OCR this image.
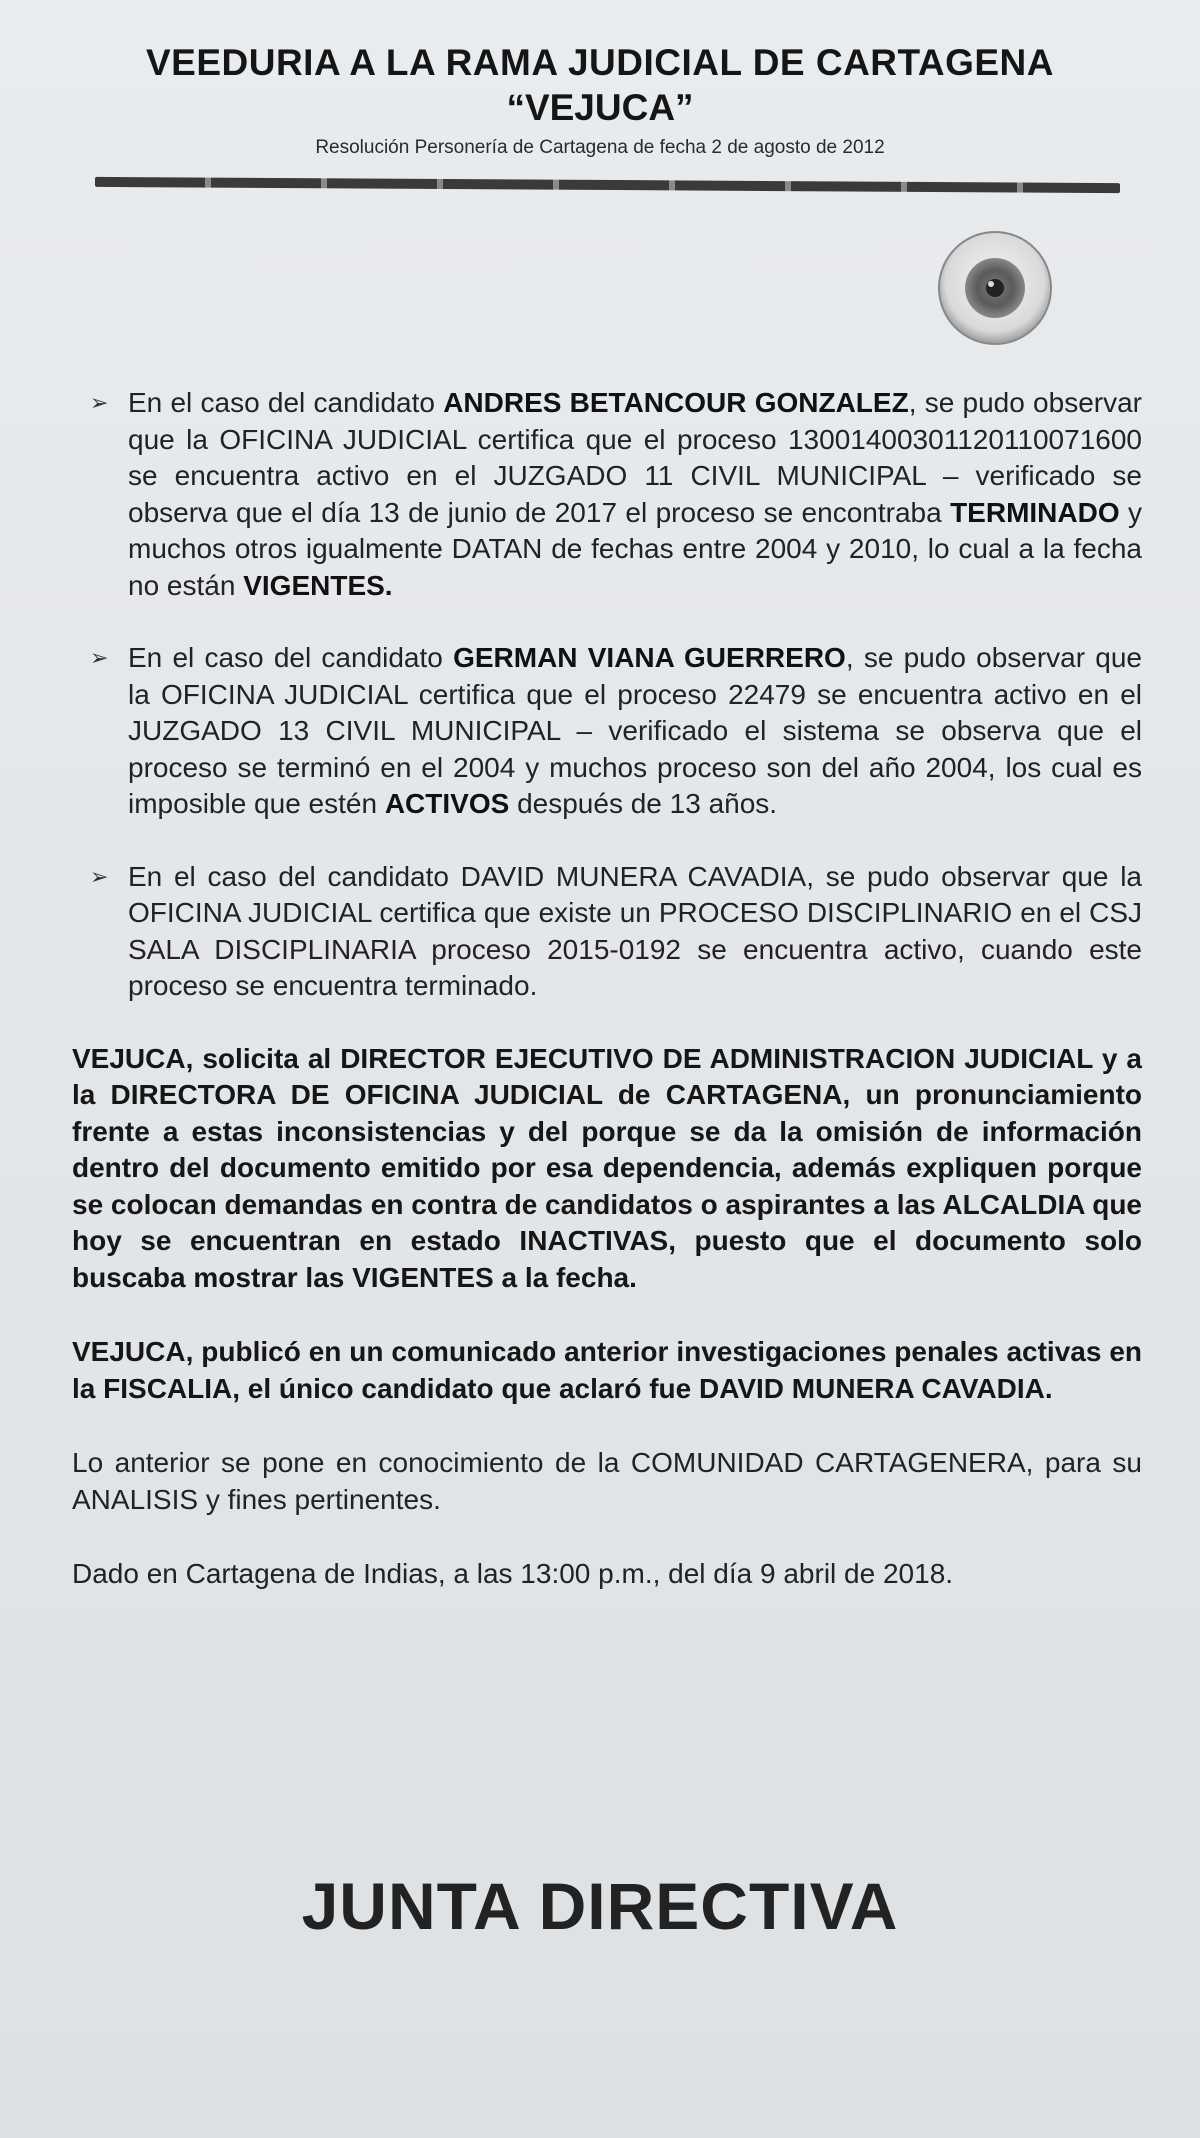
VEEDURIA A LA RAMA JUDICIAL DE CARTAGENA

“VEJUCA”

Resolución Personería de Cartagena de fecha 2 de agosto de 2012
➢ En el caso del candidato ANDRES BETANCOUR GONZALEZ, se pudo observar que la OFICINA JUDICIAL certifica que el proceso 13001400301120110071600 se encuentra activo en el JUZGADO 11 CIVIL MUNICIPAL – verificado se observa que el día 13 de junio de 2017 el proceso se encontraba TERMINADO y muchos otros igualmente DATAN de fechas entre 2004 y 2010, lo cual a la fecha no están VIGENTES.
➢ En el caso del candidato GERMAN VIANA GUERRERO, se pudo observar que la OFICINA JUDICIAL certifica que el proceso 22479 se encuentra activo en el JUZGADO 13 CIVIL MUNICIPAL – verificado el sistema se observa que el proceso se terminó en el 2004 y muchos proceso son del año 2004, los cual es imposible que estén ACTIVOS después de 13 años.
➢ En el caso del candidato DAVID MUNERA CAVADIA, se pudo observar que la OFICINA JUDICIAL certifica que existe un PROCESO DISCIPLINARIO en el CSJ SALA DISCIPLINARIA proceso 2015-0192 se encuentra activo, cuando este proceso se encuentra terminado.

VEJUCA, solicita al DIRECTOR EJECUTIVO DE ADMINISTRACION JUDICIAL y a la DIRECTORA DE OFICINA JUDICIAL de CARTAGENA, un pronunciamiento frente a estas inconsistencias y del porque se da la omisión de información dentro del documento emitido por esa dependencia, además expliquen porque se colocan demandas en contra de candidatos o aspirantes a las ALCALDIA que hoy se encuentran en estado INACTIVAS, puesto que el documento solo buscaba mostrar las VIGENTES a la fecha.

VEJUCA, publicó en un comunicado anterior investigaciones penales activas en la FISCALIA, el único candidato que aclaró fue DAVID MUNERA CAVADIA.

Lo anterior se pone en conocimiento de la COMUNIDAD CARTAGENERA, para su ANALISIS y fines pertinentes.

Dado en Cartagena de Indias, a las 13:00 p.m., del día 9 abril de 2018.

JUNTA DIRECTIVA
